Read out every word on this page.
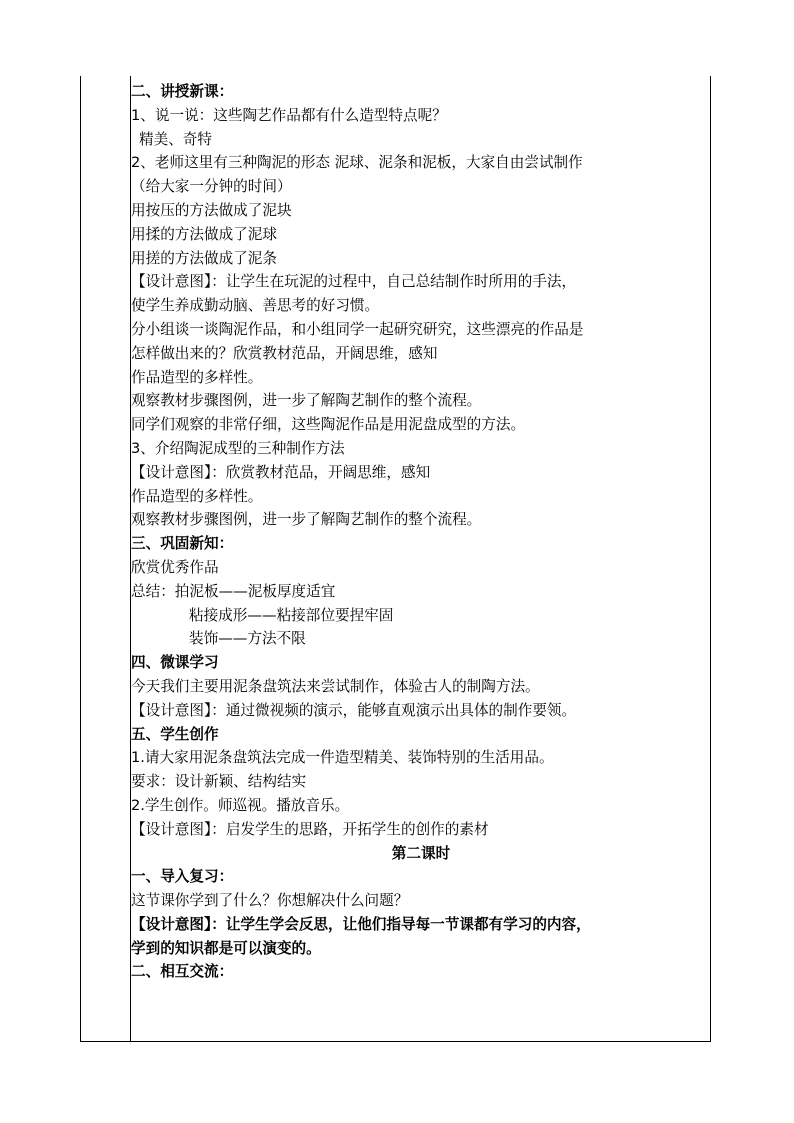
二、讲授新课：
1、说一说：这些陶艺作品都有什么造型特点呢？
精美、奇特
2、老师这里有三种陶泥的形态 泥球、泥条和泥板，大家自由尝试制作
（给大家一分钟的时间）
用按压的方法做成了泥块
用揉的方法做成了泥球
用搓的方法做成了泥条
【设计意图】：让学生在玩泥的过程中，自己总结制作时所用的手法，
使学生养成勤动脑、善思考的好习惯。
分小组谈一谈陶泥作品，和小组同学一起研究研究，这些漂亮的作品是
怎样做出来的？欣赏教材范品，开阔思维，感知
作品造型的多样性。
观察教材步骤图例，进一步了解陶艺制作的整个流程。
同学们观察的非常仔细，这些陶泥作品是用泥盘成型的方法。
3、介绍陶泥成型的三种制作方法
【设计意图】：欣赏教材范品，开阔思维，感知
作品造型的多样性。
观察教材步骤图例，进一步了解陶艺制作的整个流程。
三、巩固新知：
欣赏优秀作品
总结：拍泥板——泥板厚度适宜
粘接成形——粘接部位要捏牢固
装饰——方法不限
四、微课学习
今天我们主要用泥条盘筑法来尝试制作，体验古人的制陶方法。
【设计意图】：通过微视频的演示，能够直观演示出具体的制作要领。
五、学生创作
1.请大家用泥条盘筑法完成一件造型精美、装饰特别的生活用品。
要求：设计新颖、结构结实
2.学生创作。师巡视。播放音乐。
【设计意图】：启发学生的思路，开拓学生的创作的素材
第二课时
一、导入复习：
这节课你学到了什么？你想解决什么问题？
【设计意图】：让学生学会反思，让他们指导每一节课都有学习的内容，
学到的知识都是可以演变的。
二、相互交流：
